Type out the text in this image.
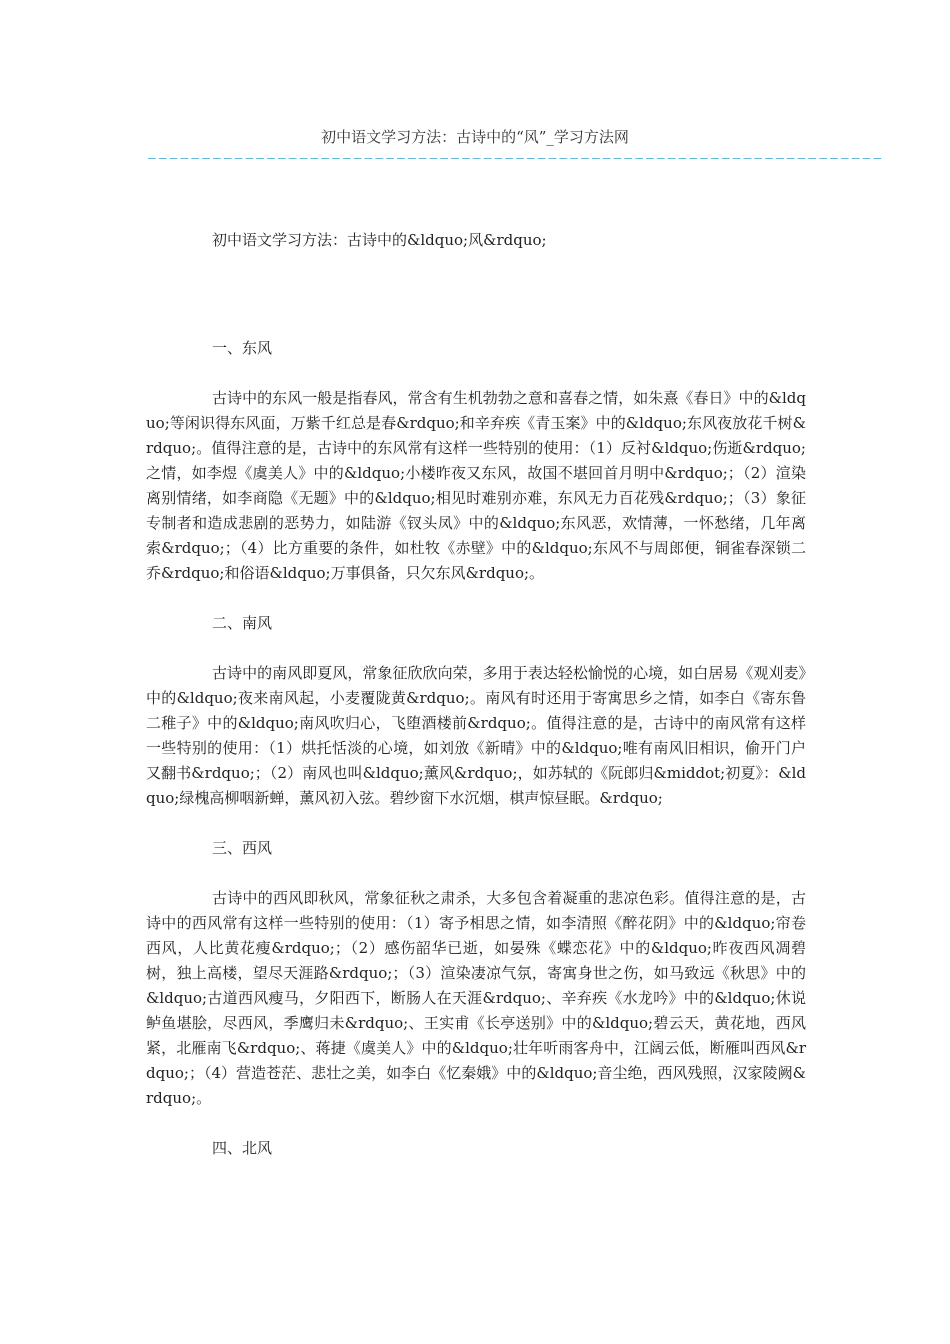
初中语文学习方法：古诗中的“风”_学习方法网
————————————————————————————————————————————————————————————————————

初中语文学习方法：古诗中的&ldquo;风&rdquo;

一、东风

古诗中的东风一般是指春风，常含有生机勃勃之意和喜春之情，如朱熹《春日》中的&ldquo;等闲识得东风面，万紫千红总是春&rdquo;和辛弃疾《青玉案》中的&ldquo;东风夜放花千树&rdquo;。值得注意的是，古诗中的东风常有这样一些特别的使用：（1）反衬&ldquo;伤逝&rdquo;之情，如李煜《虞美人》中的&ldquo;小楼昨夜又东风，故国不堪回首月明中&rdquo;；（2）渲染离别情绪，如李商隐《无题》中的&ldquo;相见时难别亦难，东风无力百花残&rdquo;；（3）象征专制者和造成悲剧的恶势力，如陆游《钗头凤》中的&ldquo;东风恶，欢情薄，一怀愁绪，几年离索&rdquo;；（4）比方重要的条件，如杜牧《赤壁》中的&ldquo;东风不与周郎便，铜雀春深锁二乔&rdquo;和俗语&ldquo;万事俱备，只欠东风&rdquo;。

二、南风

古诗中的南风即夏风，常象征欣欣向荣，多用于表达轻松愉悦的心境，如白居易《观刈麦》中的&ldquo;夜来南风起，小麦覆陇黄&rdquo;。南风有时还用于寄寓思乡之情，如李白《寄东鲁二稚子》中的&ldquo;南风吹归心，飞堕酒楼前&rdquo;。值得注意的是，古诗中的南风常有这样一些特别的使用：（1）烘托恬淡的心境，如刘攽《新晴》中的&ldquo;唯有南风旧相识，偷开门户又翻书&rdquo;；（2）南风也叫&ldquo;薰风&rdquo;，如苏轼的《阮郎归&middot;初夏》：&ldquo;绿槐高柳咽新蝉，薰风初入弦。碧纱窗下水沉烟，棋声惊昼眠。&rdquo;

三、西风

古诗中的西风即秋风，常象征秋之肃杀，大多包含着凝重的悲凉色彩。值得注意的是，古诗中的西风常有这样一些特别的使用：（1）寄予相思之情，如李清照《醉花阴》中的&ldquo;帘卷西风，人比黄花瘦&rdquo;；（2）感伤韶华已逝，如晏殊《蝶恋花》中的&ldquo;昨夜西风凋碧树，独上高楼，望尽天涯路&rdquo;；（3）渲染凄凉气氛，寄寓身世之伤，如马致远《秋思》中的&ldquo;古道西风瘦马，夕阳西下，断肠人在天涯&rdquo;、辛弃疾《水龙吟》中的&ldquo;休说鲈鱼堪脍，尽西风，季鹰归未&rdquo;、王实甫《长亭送别》中的&ldquo;碧云天，黄花地，西风紧，北雁南飞&rdquo;、蒋捷《虞美人》中的&ldquo;壮年听雨客舟中，江阔云低，断雁叫西风&rdquo;；（4）营造苍茫、悲壮之美，如李白《忆秦娥》中的&ldquo;音尘绝，西风残照，汉家陵阙&rdquo;。

四、北风
